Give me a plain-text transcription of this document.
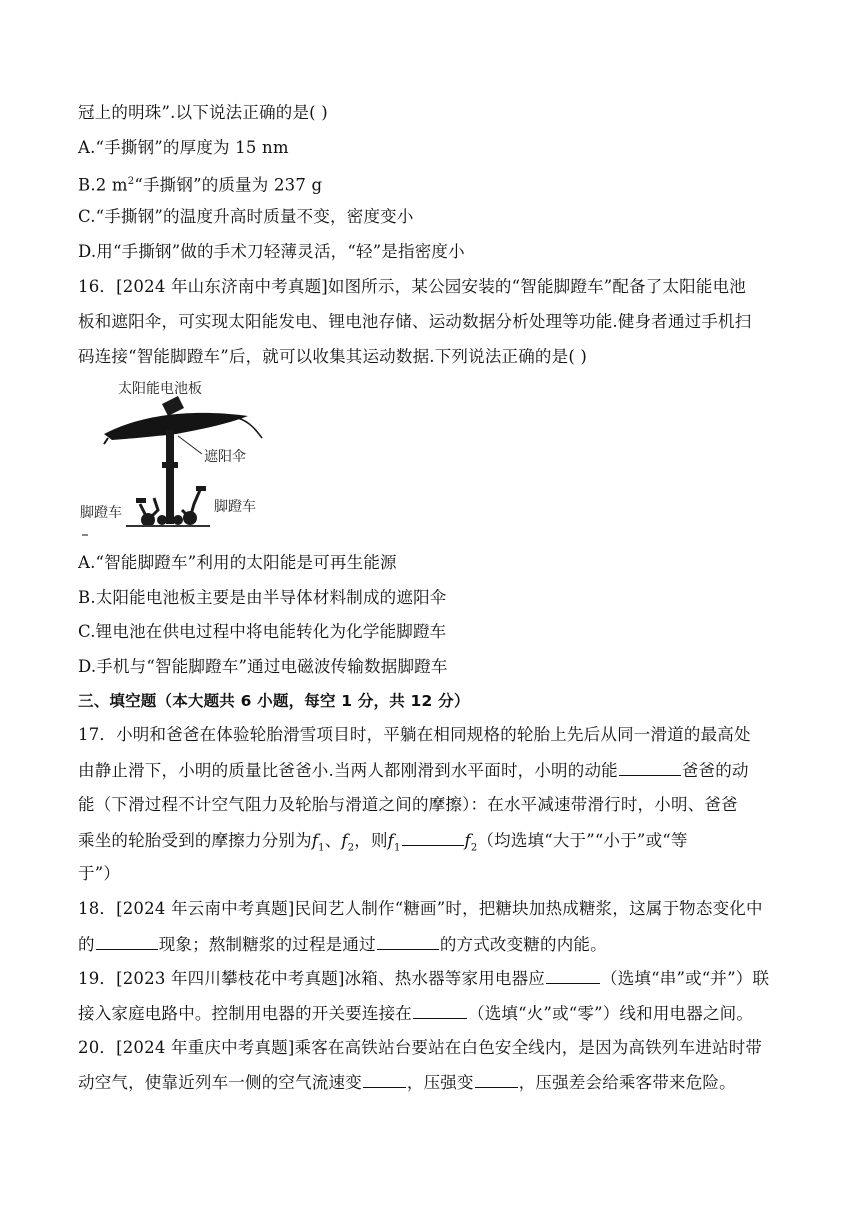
冠上的明珠”.以下说法正确的是( )
A.“手撕钢”的厚度为 15 nm
B.2 $m^2“$手撕钢”的质量为 237 g
C.“手撕钢”的温度升高时质量不变，密度变小
D.用“手撕钢”做的手术刀轻薄灵活，“轻”是指密度小
16．[2024 年山东济南中考真题]如图所示，某公园安装的“智能脚蹬车”配备了太阳能电池
板和遮阳伞，可实现太阳能发电、锂电池存储、运动数据分析处理等功能.健身者通过手机扫
码连接“智能脚蹬车”后，就可以收集其运动数据.下列说法正确的是( )
太阳能电池板
遮阳伞
脚蹬车	脚蹬车
A.“智能脚蹬车”利用的太阳能是可再生能源
B.太阳能电池板主要是由半导体材料制成的遮阳伞
C.锂电池在供电过程中将电能转化为化学能脚蹬车
D.手机与“智能脚蹬车”通过电磁波传输数据脚蹬车
三、填空题（本大题共 6 小题，每空 1 分，共 12 分）
17．小明和爸爸在体验轮胎滑雪项目时，平躺在相同规格的轮胎上先后从同一滑道的最高处
由静止滑下，小明的质量比爸爸小.当两人都刚滑到水平面时，小明的动能	爸爸的动
能（下滑过程不计空气阻力及轮胎与滑道之间的摩擦）：在水平减速带滑行时，小明、爸爸
乘坐的轮胎受到的摩擦力分别为$f_1$、$f_2$，则$f_1$	$f_2$（均选填“大于”“小于”或“等
于”）
18．[2024 年云南中考真题]民间艺人制作“糖画”时，把糖块加热成糖浆，这属于物态变化中
的	现象；熬制糖浆的过程是通过	的方式改变糖的内能。
19．[2023 年四川攀枝花中考真题]冰箱、热水器等家用电器应	（选填“串”或“并”）联
接入家庭电路中。控制用电器的开关要连接在	（选填“火”或“零”）线和用电器之间。
20．[2024 年重庆中考真题]乘客在高铁站台要站在白色安全线内，是因为高铁列车进站时带
动空气，使靠近列车一侧的空气流速变	，压强变	，压强差会给乘客带来危险。
